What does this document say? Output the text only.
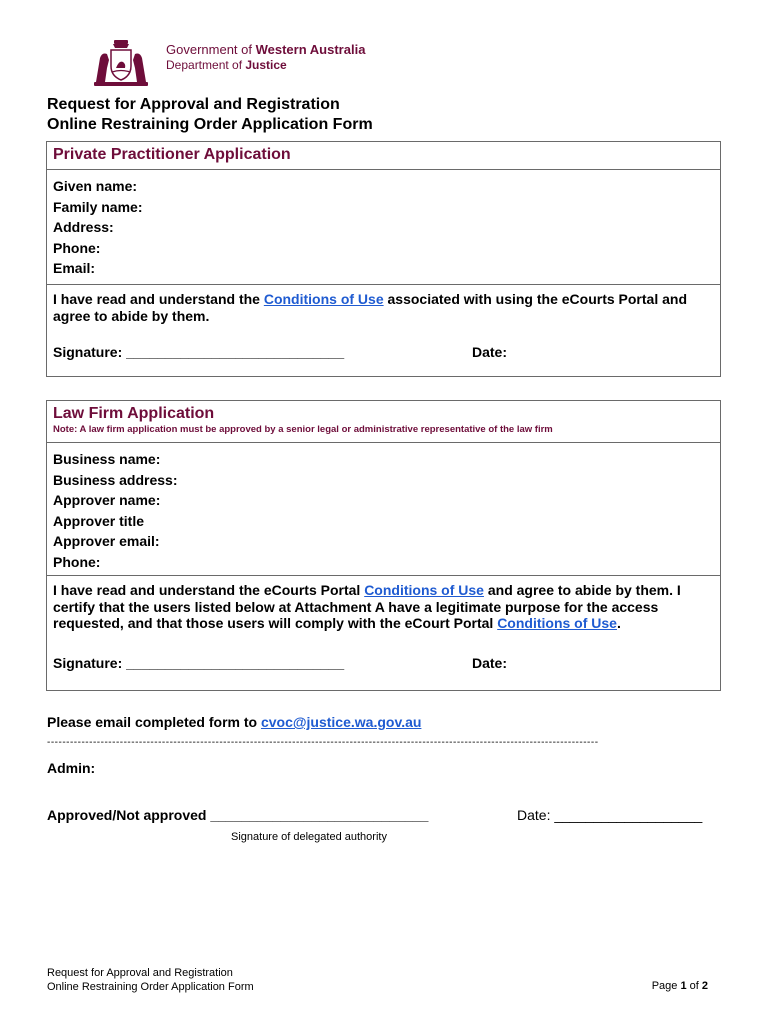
Government of Western Australia
Department of Justice
Request for Approval and Registration
Online Restraining Order Application Form
Private Practitioner Application
Given name:
Family name:
Address:
Phone:
Email:
I have read and understand the Conditions of Use associated with using the eCourts Portal and agree to abide by them.
Signature: ____________________________	Date:
Law Firm Application
Note: A law firm application must be approved by a senior legal or administrative representative of the law firm
Business name:
Business address:
Approver name:
Approver title
Approver email:
Phone:
I have read and understand the eCourts Portal Conditions of Use and agree to abide by them. I certify that the users listed below at Attachment A have a legitimate purpose for the access requested, and that those users will comply with the eCourt Portal Conditions of Use.
Signature: ____________________________	Date:
Please email completed form to cvoc@justice.wa.gov.au
------------------------------------------------------------------------------------------------------------------------------------------------
Admin:
Approved/Not approved ____________________________	Date: ___________________
Signature of delegated authority
Request for Approval and Registration
Online Restraining Order Application Form	Page 1 of 2
